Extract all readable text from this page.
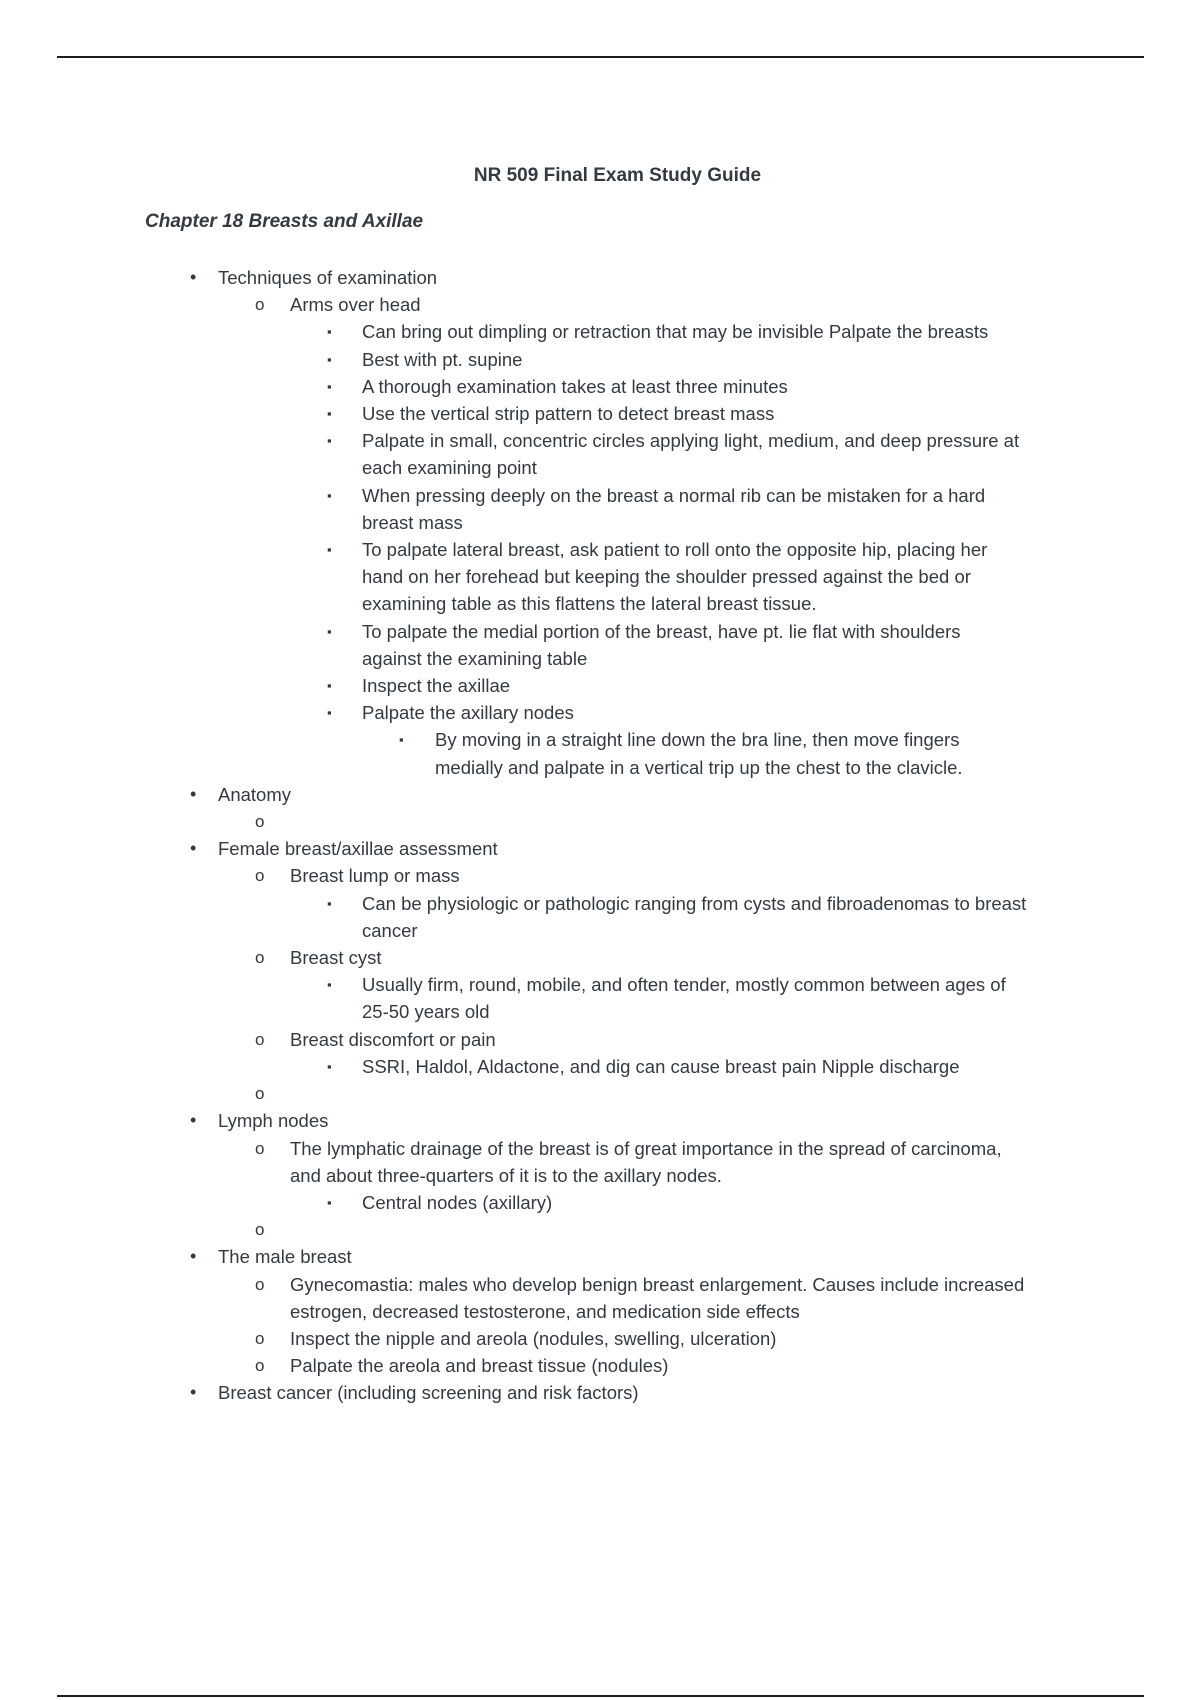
NR 509 Final Exam Study Guide
Chapter 18 Breasts and Axillae
• Techniques of examination
o Arms over head
▪ Can bring out dimpling or retraction that may be invisible Palpate the breasts
▪ Best with pt. supine
▪ A thorough examination takes at least three minutes
▪ Use the vertical strip pattern to detect breast mass
▪ Palpate in small, concentric circles applying light, medium, and deep pressure at
each examining point
▪ When pressing deeply on the breast a normal rib can be mistaken for a hard
breast mass
▪ To palpate lateral breast, ask patient to roll onto the opposite hip, placing her
hand on her forehead but keeping the shoulder pressed against the bed or
examining table as this flattens the lateral breast tissue.
▪ To palpate the medial portion of the breast, have pt. lie flat with shoulders
against the examining table
▪ Inspect the axillae
▪ Palpate the axillary nodes
▪ By moving in a straight line down the bra line, then move fingers
medially and palpate in a vertical trip up the chest to the clavicle.
• Anatomy
o

• Female breast/axillae assessment
o Breast lump or mass
▪ Can be physiologic or pathologic ranging from cysts and fibroadenomas to breast
cancer
o Breast cyst
▪ Usually firm, round, mobile, and often tender, mostly common between ages of
25-50 years old
o Breast discomfort or pain
▪ SSRI, Haldol, Aldactone, and dig can cause breast pain Nipple discharge
o

• Lymph nodes
o The lymphatic drainage of the breast is of great importance in the spread of carcinoma,
and about three-quarters of it is to the axillary nodes.
▪ Central nodes (axillary)
o

• The male breast
o Gynecomastia: males who develop benign breast enlargement. Causes include increased
estrogen, decreased testosterone, and medication side effects
o Inspect the nipple and areola (nodules, swelling, ulceration)
o Palpate the areola and breast tissue (nodules)
• Breast cancer (including screening and risk factors)
